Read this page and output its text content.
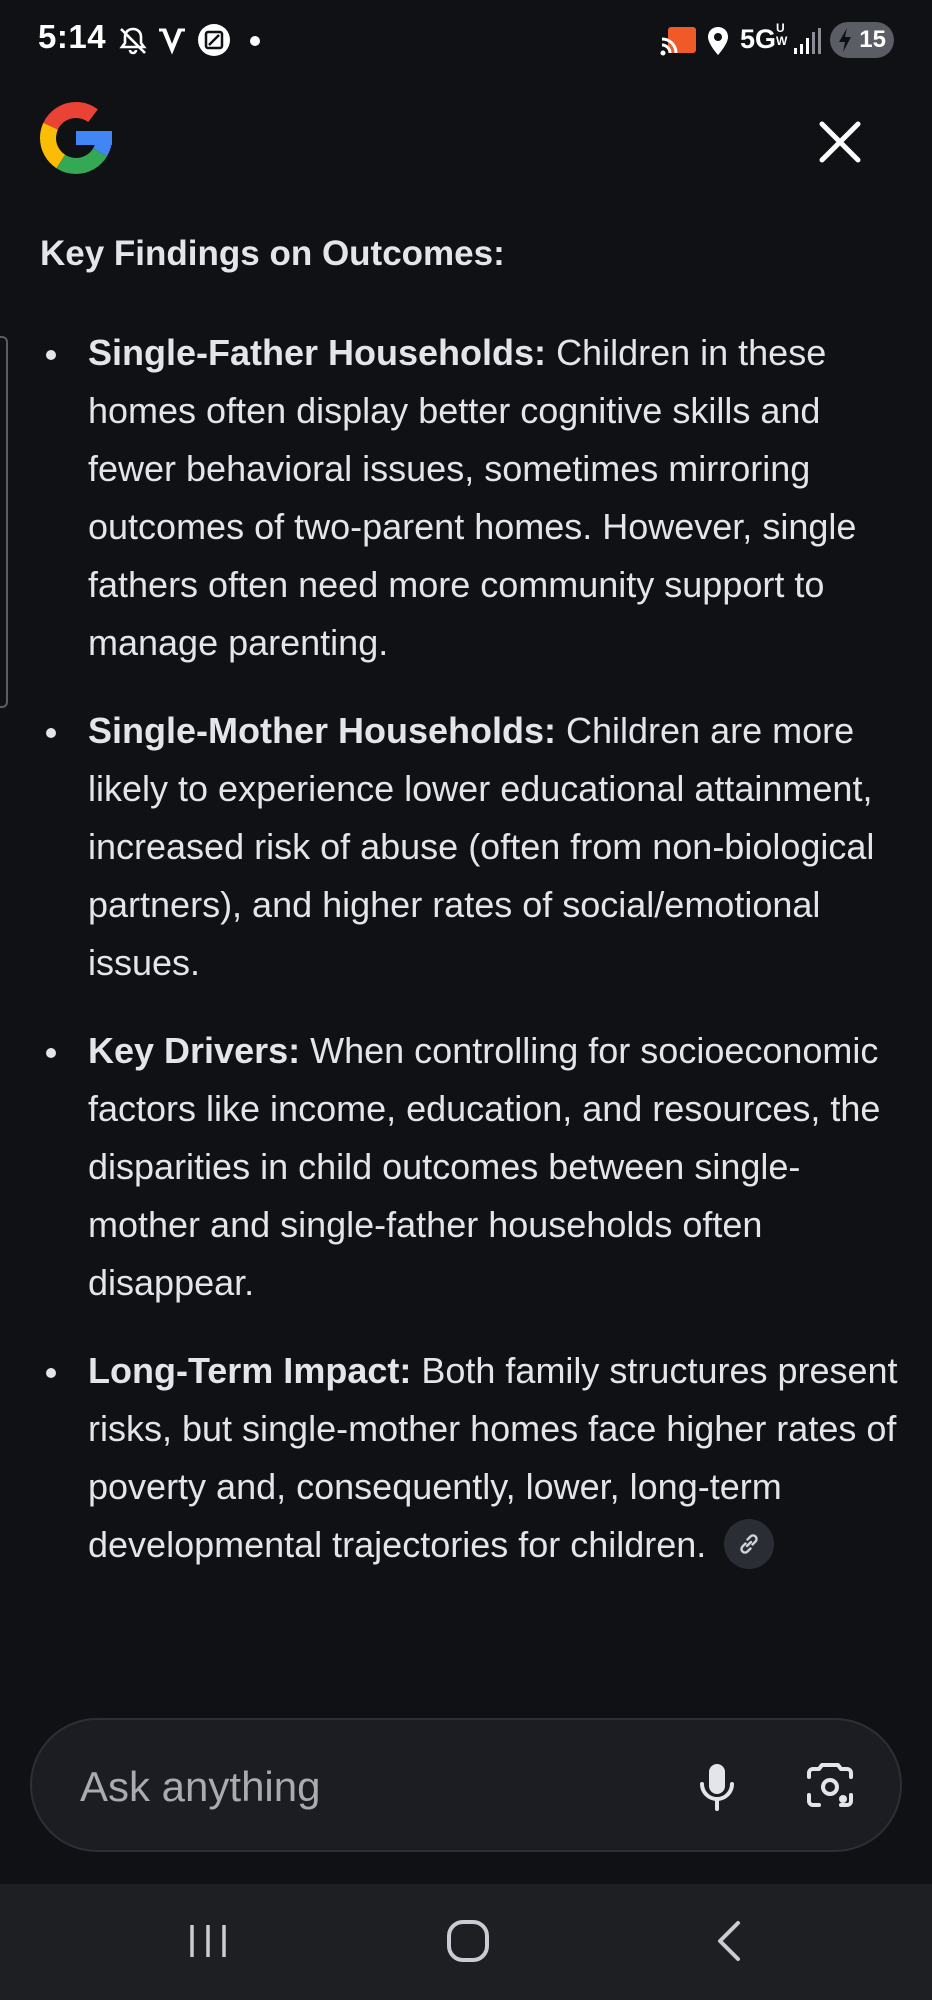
5:14	5G UW	15
Key Findings on Outcomes:
Single-Father Households: Children in these homes often display better cognitive skills and fewer behavioral issues, sometimes mirroring outcomes of two-parent homes. However, single fathers often need more community support to manage parenting.
Single-Mother Households: Children are more likely to experience lower educational attainment, increased risk of abuse (often from non-biological partners), and higher rates of social/emotional issues.
Key Drivers: When controlling for socioeconomic factors like income, education, and resources, the disparities in child outcomes between single-mother and single-father households often disappear.
Long-Term Impact: Both family structures present risks, but single-mother homes face higher rates of poverty and, consequently, lower, long-term developmental trajectories for children.
Ask anything
